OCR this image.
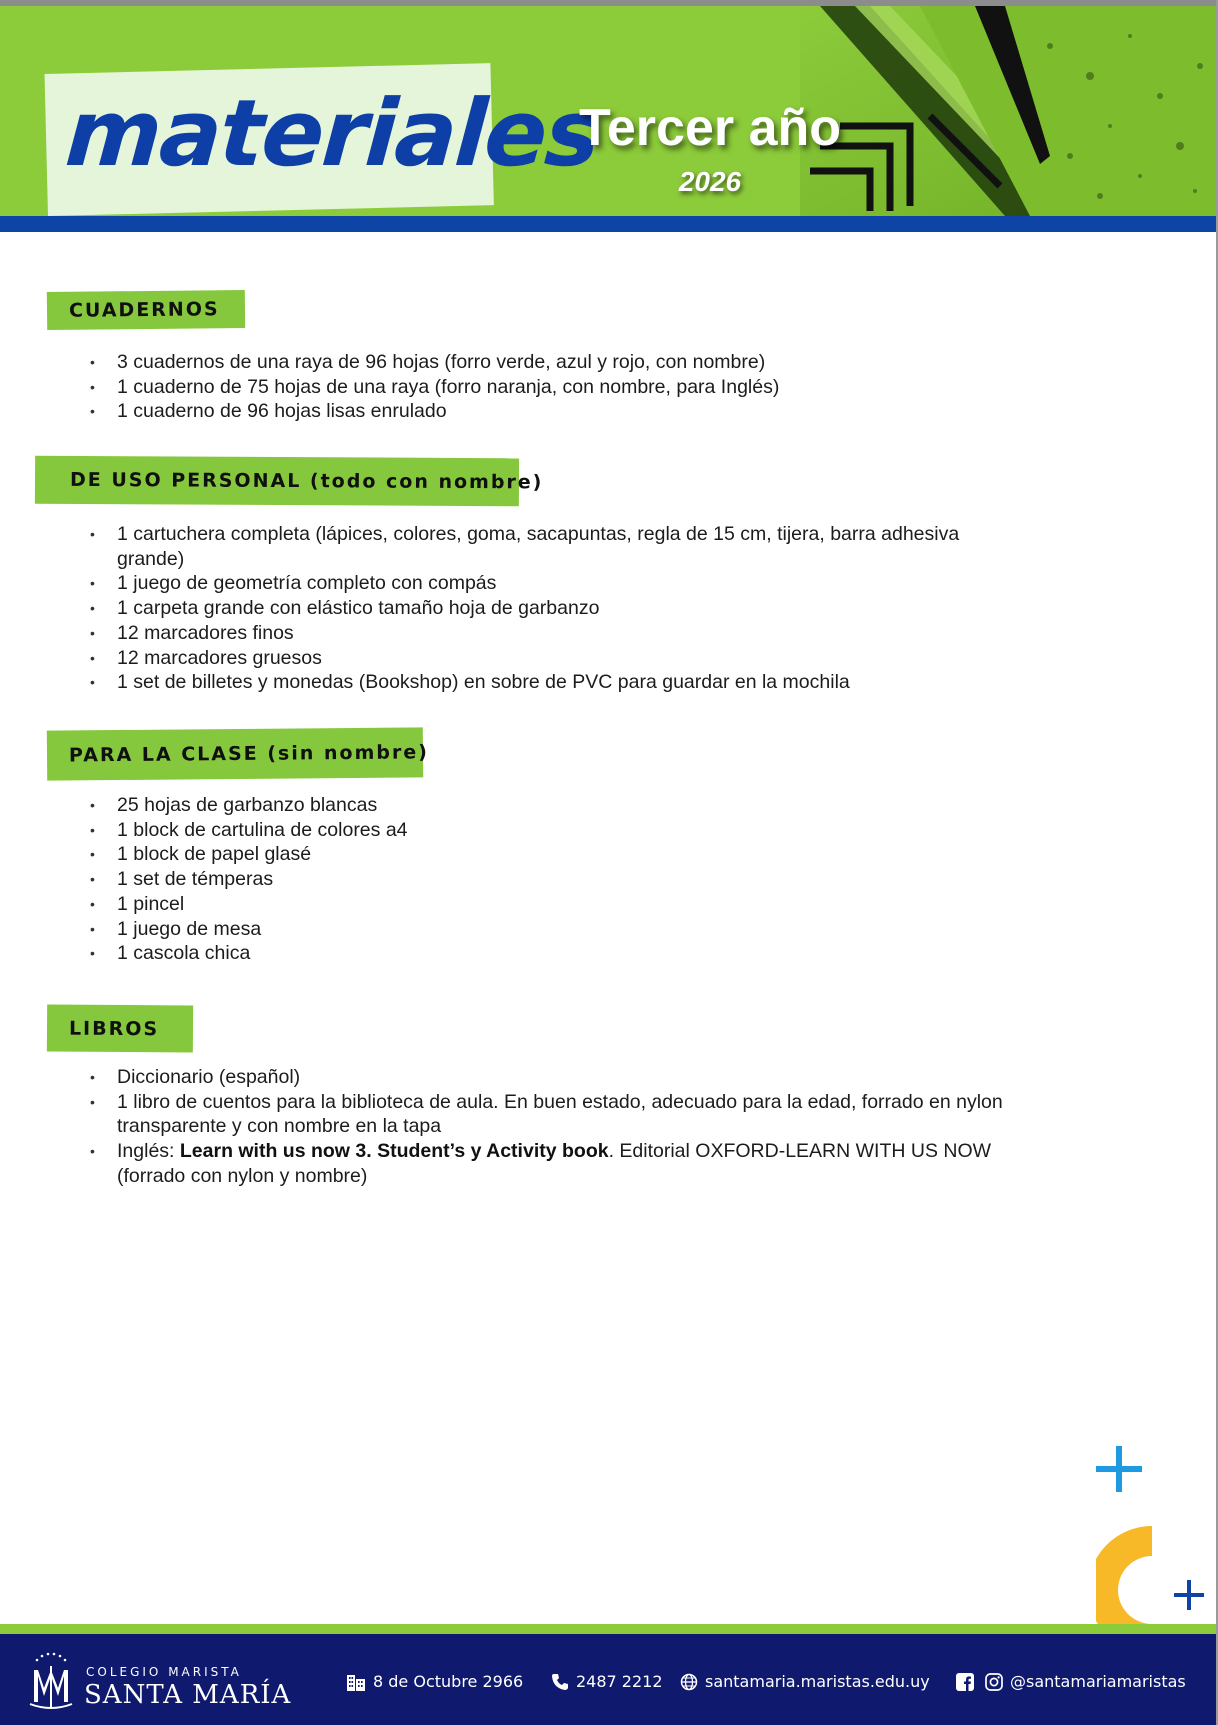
materiales
Tercer año
2026
CUADERNOS
• 3 cuadernos de una raya de 96 hojas (forro verde, azul y rojo, con nombre)
• 1 cuaderno de 75 hojas de una raya (forro naranja, con nombre, para Inglés)
• 1 cuaderno de 96 hojas lisas enrulado
DE USO PERSONAL (todo con nombre)
• 1 cartuchera completa (lápices, colores, goma, sacapuntas, regla de 15 cm, tijera, barra adhesiva grande)
• 1 juego de geometría completo con compás
• 1 carpeta grande con elástico tamaño hoja de garbanzo
• 12 marcadores finos
• 12 marcadores gruesos
• 1 set de billetes y monedas (Bookshop) en sobre de PVC para guardar en la mochila
PARA LA CLASE (sin nombre)
• 25 hojas de garbanzo blancas
• 1 block de cartulina de colores a4
• 1 block de papel glasé
• 1 set de témperas
• 1 pincel
• 1 juego de mesa
• 1 cascola chica
LIBROS
• Diccionario (español)
• 1 libro de cuentos para la biblioteca de aula. En buen estado, adecuado para la edad, forrado en nylon transparente y con nombre en la tapa
• Inglés: Learn with us now 3. Student’s y Activity book. Editorial OXFORD-LEARN WITH US NOW (forrado con nylon y nombre)
COLEGIO MARISTA
SANTA MARÍA	8 de Octubre 2966	2487 2212	santamaria.maristas.edu.uy	@santamariamaristas
